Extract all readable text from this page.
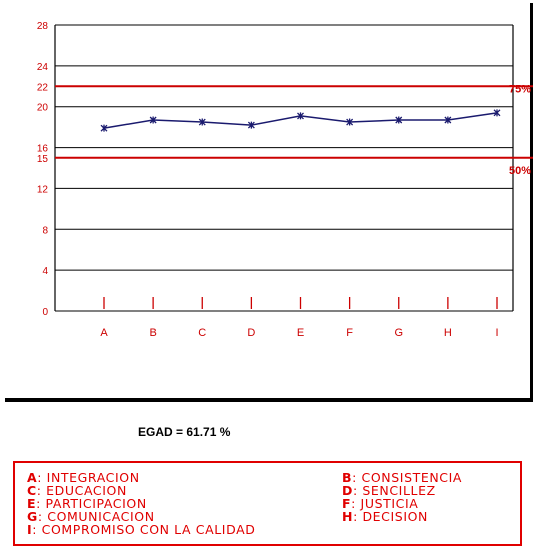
0
4
8
12
16
20
24
28
22	75%
15
50%
A	B	C	D	E	F	G	H	I
EGAD = 61.71 %
A: INTEGRACION	B: CONSISTENCIA
C: EDUCACION	D: SENCILLEZ
E: PARTICIPACION	F: JUSTICIA
G: COMUNICACION	H: DECISION
I: COMPROMISO CON LA CALIDAD
